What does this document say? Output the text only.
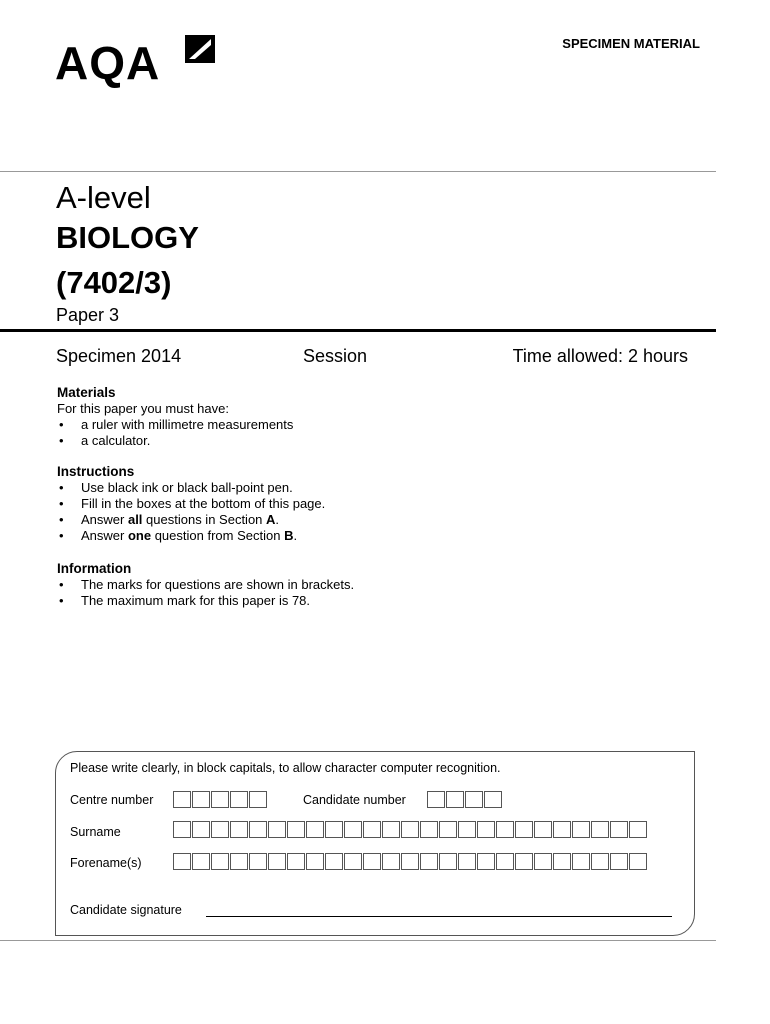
AQA	SPECIMEN MATERIAL
A-level
BIOLOGY
(7402/3)
Paper 3
Specimen 2014	Session	Time allowed: 2 hours
Materials
For this paper you must have:
• a ruler with millimetre measurements
• a calculator.
Instructions
• Use black ink or black ball-point pen.
• Fill in the boxes at the bottom of this page.
• Answer all questions in Section A.
• Answer one question from Section B.
Information
• The marks for questions are shown in brackets.
• The maximum mark for this paper is 78.
Please write clearly, in block capitals, to allow character computer recognition.
Centre number	Candidate number
Surname
Forename(s)
Candidate signature
